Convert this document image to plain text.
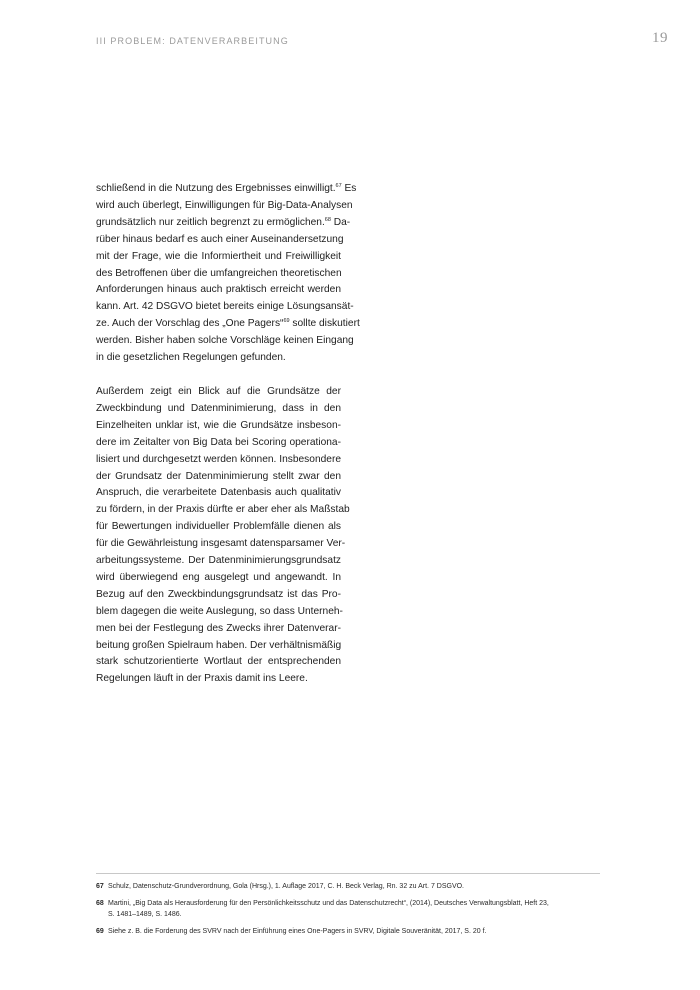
III PROBLEM: DATENVERARBEITUNG	19

schließend in die Nutzung des Ergebnisses einwilligt.$^{67}$ Es
wird auch überlegt, Einwilligungen für Big-Data-Analysen
grundsätzlich nur zeitlich begrenzt zu ermöglichen.$^{68}$ Da-
rüber hinaus bedarf es auch einer Auseinandersetzung
mit der Frage, wie die Informiertheit und Freiwilligkeit
des Betroffenen über die umfangreichen theoretischen
Anforderungen hinaus auch praktisch erreicht werden
kann. Art. 42 DSGVO bietet bereits einige Lösungsansät-
ze. Auch der Vorschlag des „One Pagers“$^{69}$ sollte diskutiert
werden. Bisher haben solche Vorschläge keinen Eingang
in die gesetzlichen Regelungen gefunden.

Außerdem zeigt ein Blick auf die Grundsätze der
Zweckbindung und Datenminimierung, dass in den
Einzelheiten unklar ist, wie die Grundsätze insbeson-
dere im Zeitalter von Big Data bei Scoring operationa-
lisiert und durchgesetzt werden können. Insbesondere
der Grundsatz der Datenminimierung stellt zwar den
Anspruch, die verarbeitete Datenbasis auch qualitativ
zu fördern, in der Praxis dürfte er aber eher als Maßstab
für Bewertungen individueller Problemfälle dienen als
für die Gewährleistung insgesamt datensparsamer Ver-
arbeitungssysteme. Der Datenminimierungsgrundsatz
wird überwiegend eng ausgelegt und angewandt. In
Bezug auf den Zweckbindungsgrundsatz ist das Pro-
blem dagegen die weite Auslegung, so dass Unterneh-
men bei der Festlegung des Zwecks ihrer Datenverar-
beitung großen Spielraum haben. Der verhältnismäßig
stark schutzorientierte Wortlaut der entsprechenden
Regelungen läuft in der Praxis damit ins Leere.

67 Schulz, Datenschutz-Grundverordnung, Gola (Hrsg.), 1. Auflage 2017, C. H. Beck Verlag, Rn. 32 zu Art. 7 DSGVO.
68 Martini, „Big Data als Herausforderung für den Persönlichkeitsschutz und das Datenschutzrecht“, (2014), Deutsches Verwaltungsblatt, Heft 23,
S. 1481–1489, S. 1486.
69 Siehe z. B. die Forderung des SVRV nach der Einführung eines One-Pagers in SVRV, Digitale Souveränität, 2017, S. 20 f.
